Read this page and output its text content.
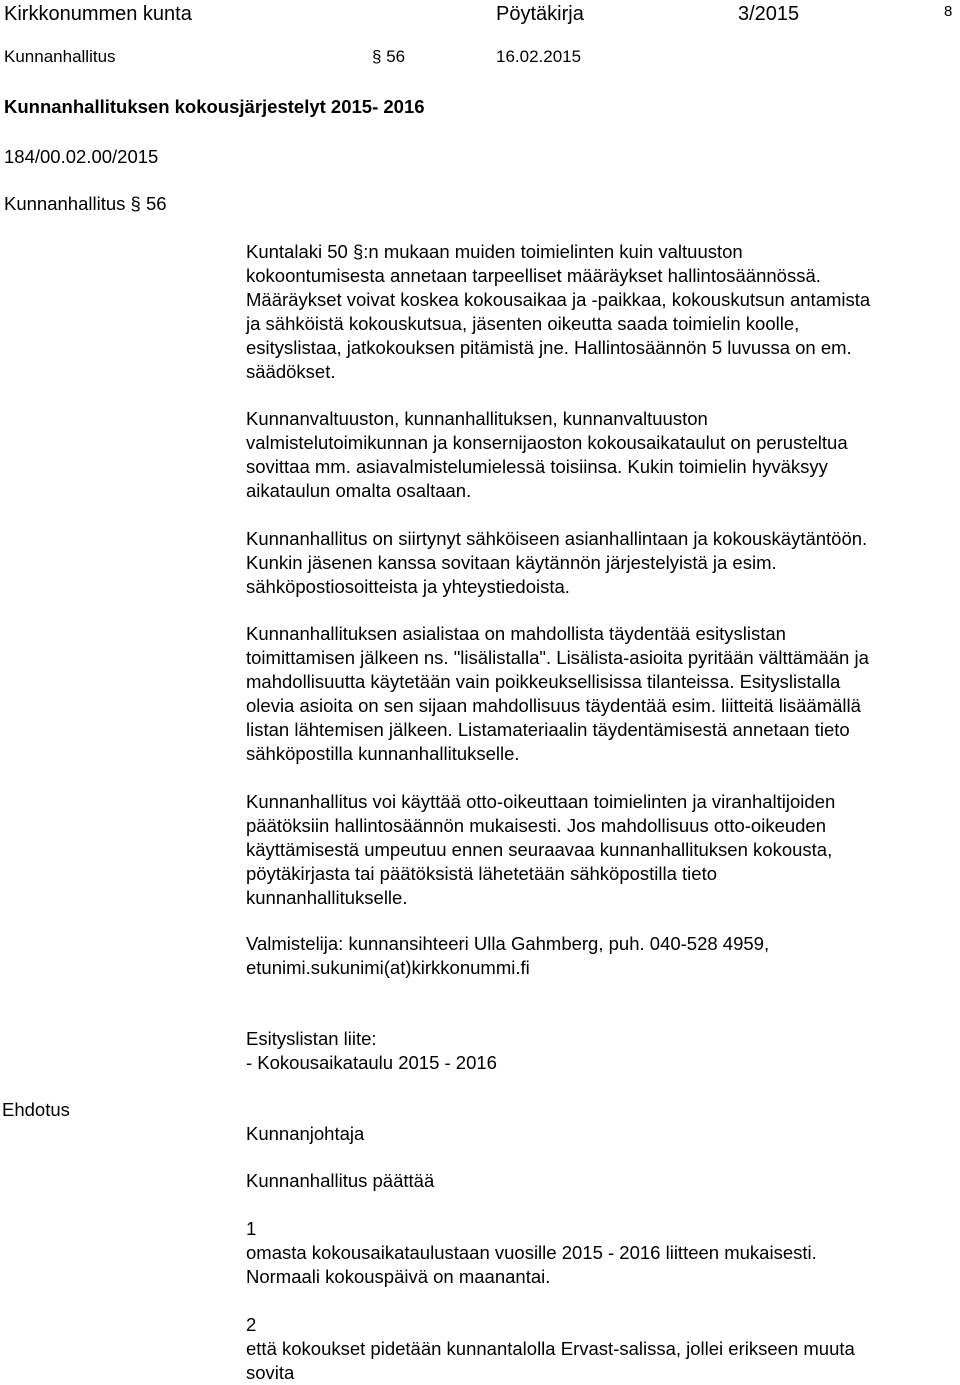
Kirkkonummen kunta	Pöytäkirja	3/2015	8
Kunnanhallitus	§ 56	16.02.2015
Kunnanhallituksen kokousjärjestelyt 2015- 2016
184/00.02.00/2015
Kunnanhallitus § 56
Kuntalaki 50 §:n mukaan muiden toimielinten kuin valtuuston
kokoontumisesta annetaan tarpeelliset määräykset hallintosäännössä.
Määräykset voivat koskea kokousaikaa ja -paikkaa, kokouskutsun antamista
ja sähköistä kokouskutsua, jäsenten oikeutta saada toimielin koolle,
esityslistaa, jatkokouksen pitämistä jne. Hallintosäännön 5 luvussa on em.
säädökset.
Kunnanvaltuuston, kunnanhallituksen, kunnanvaltuuston
valmistelutoimikunnan ja konsernijaoston kokousaikataulut on perusteltua
sovittaa mm. asiavalmistelumielessä toisiinsa. Kukin toimielin hyväksyy
aikataulun omalta osaltaan.
Kunnanhallitus on siirtynyt sähköiseen asianhallintaan ja kokouskäytäntöön.
Kunkin jäsenen kanssa sovitaan käytännön järjestelyistä ja esim.
sähköpostiosoitteista ja yhteystiedoista.
Kunnanhallituksen asialistaa on mahdollista täydentää esityslistan
toimittamisen jälkeen ns. "lisälistalla". Lisälista-asioita pyritään välttämään ja
mahdollisuutta käytetään vain poikkeuksellisissa tilanteissa. Esityslistalla
olevia asioita on sen sijaan mahdollisuus täydentää esim. liitteitä lisäämällä
listan lähtemisen jälkeen. Listamateriaalin täydentämisestä annetaan tieto
sähköpostilla kunnanhallitukselle.
Kunnanhallitus voi käyttää otto-oikeuttaan toimielinten ja viranhaltijoiden
päätöksiin hallintosäännön mukaisesti. Jos mahdollisuus otto-oikeuden
käyttämisestä umpeutuu ennen seuraavaa kunnanhallituksen kokousta,
pöytäkirjasta tai päätöksistä lähetetään sähköpostilla tieto
kunnanhallitukselle.
Valmistelija: kunnansihteeri Ulla Gahmberg, puh. 040-528 4959,
etunimi.sukunimi(at)kirkkonummi.fi
Esityslistan liite:
- Kokousaikataulu 2015 - 2016
Ehdotus
Kunnanjohtaja
Kunnanhallitus päättää
1
omasta kokousaikataulustaan vuosille 2015 - 2016 liitteen mukaisesti.
Normaali kokouspäivä on maanantai.
2
että kokoukset pidetään kunnantalolla Ervast-salissa, jollei erikseen muuta
sovita
